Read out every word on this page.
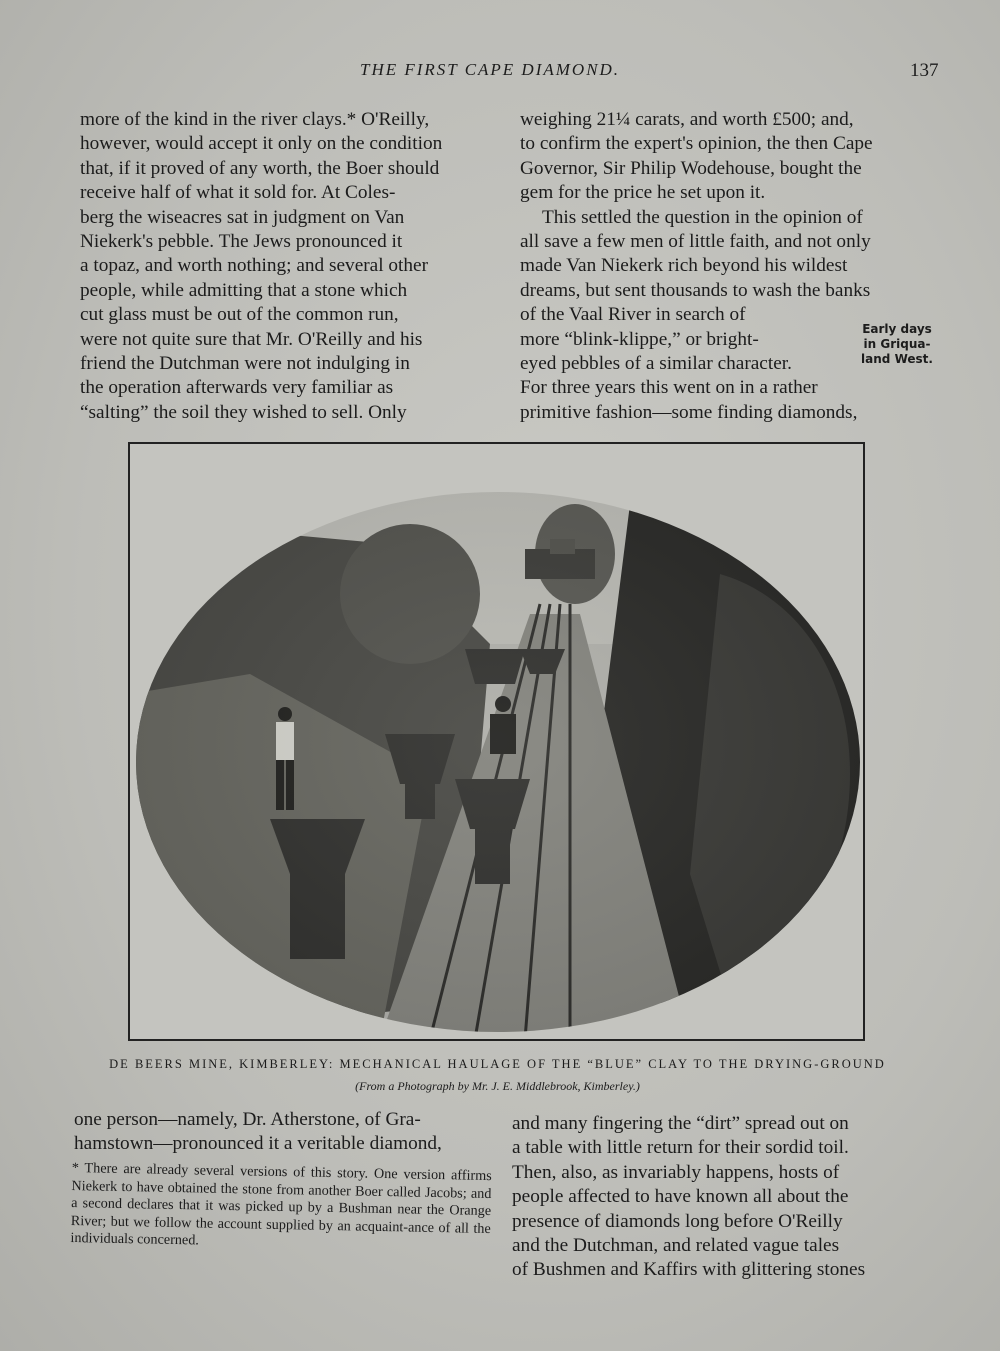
THE FIRST CAPE DIAMOND.	137

more of the kind in the river clays.* O'Reilly,

however, would accept it only on the condition

that, if it proved of any worth, the Boer should

receive half of what it sold for. At Coles-

berg the wiseacres sat in judgment on Van

Niekerk's pebble. The Jews pronounced it

a topaz, and worth nothing; and several other

people, while admitting that a stone which

cut glass must be out of the common run,

were not quite sure that Mr. O'Reilly and his

friend the Dutchman were not indulging in

the operation afterwards very familiar as

“salting” the soil they wished to sell. Only

weighing 21¼ carats, and worth £500; and,

to confirm the expert's opinion, the then Cape

Governor, Sir Philip Wodehouse, bought the

gem for the price he set upon it.

This settled the question in the opinion of

all save a few men of little faith, and not only

made Van Niekerk rich beyond his wildest

dreams, but sent thousands to wash the banks

of the Vaal River in search of

more “blink-klippe,” or bright-

eyed pebbles of a similar character.

For three years this went on in a rather

primitive fashion—some finding diamonds,

Early days in Griqua-land West.
DE BEERS MINE, KIMBERLEY: MECHANICAL HAULAGE OF THE “BLUE” CLAY TO THE DRYING-GROUND
(From a Photograph by Mr. J. E. Middlebrook, Kimberley.)

one person—namely, Dr. Atherstone, of Gra-

hamstown—pronounced it a veritable diamond,

* There are already several versions of this story. One version affirms Niekerk to have obtained the stone from another Boer called Jacobs; and a second declares that it was picked up by a Bushman near the Orange River; but we follow the account supplied by an acquaint-ance of all the individuals concerned.

and many fingering the “dirt” spread out on

a table with little return for their sordid toil.

Then, also, as invariably happens, hosts of

people affected to have known all about the

presence of diamonds long before O'Reilly

and the Dutchman, and related vague tales

of Bushmen and Kaffirs with glittering stones
